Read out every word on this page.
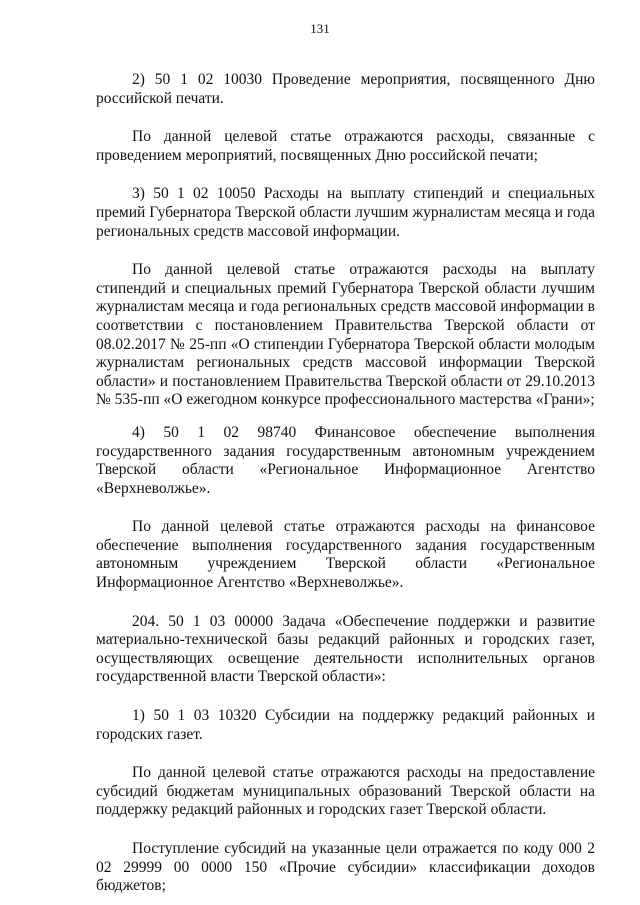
131

2) 50 1 02 10030 Проведение мероприятия, посвященного Дню российской печати.

По данной целевой статье отражаются расходы, связанные с проведением мероприятий, посвященных Дню российской печати;

3) 50 1 02 10050 Расходы на выплату стипендий и специальных премий Губернатора Тверской области лучшим журналистам месяца и года региональных средств массовой информации.

По данной целевой статье отражаются расходы на выплату стипендий и специальных премий Губернатора Тверской области лучшим журналистам месяца и года региональных средств массовой информации в соответствии с постановлением Правительства Тверской области от 08.02.2017 № 25-пп «О стипендии Губернатора Тверской области молодым журналистам региональных средств массовой информации Тверской области» и постановлением Правительства Тверской области от 29.10.2013 № 535-пп «О ежегодном конкурсе профессионального мастерства «Грани»;

4) 50 1 02 98740 Финансовое обеспечение выполнения государственного задания государственным автономным учреждением Тверской области «Региональное Информационное Агентство «Верхневолжье».

По данной целевой статье отражаются расходы на финансовое обеспечение выполнения государственного задания государственным автономным учреждением Тверской области «Региональное Информационное Агентство «Верхневолжье».

204. 50 1 03 00000 Задача «Обеспечение поддержки и развитие материально-технической базы редакций районных и городских газет, осуществляющих освещение деятельности исполнительных органов государственной власти Тверской области»:

1) 50 1 03 10320 Субсидии на поддержку редакций районных и городских газет.

По данной целевой статье отражаются расходы на предоставление субсидий бюджетам муниципальных образований Тверской области на поддержку редакций районных и городских газет Тверской области.

Поступление субсидий на указанные цели отражается по коду 000 2 02 29999 00 0000 150 «Прочие субсидии» классификации доходов бюджетов;
